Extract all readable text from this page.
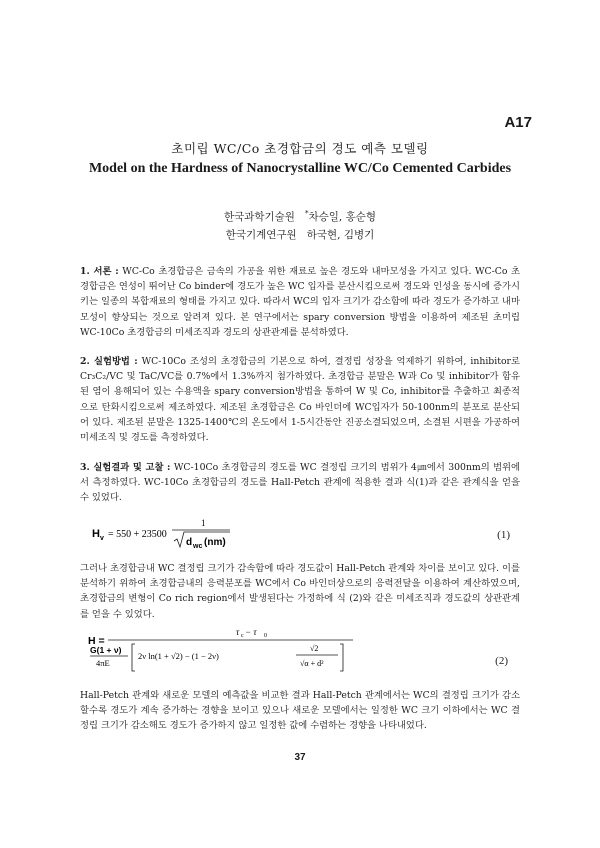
A17
초미립 WC/Co 초경합금의 경도 예측 모델링
Model on the Hardness of Nanocrystalline WC/Co Cemented Carbides
한국과학기술원 *차승일, 홍순형
한국기계연구원 하국현, 김병기
1. 서론 : WC-Co 초경합금은 금속의 가공을 위한 재료로 높은 경도와 내마모성을 가지고 있다. WC-Co 초경합금은 연성이 뛰어난 Co binder에 경도가 높은 WC 입자를 분산시킴으로써 경도와 인성을 동시에 증가시키는 일종의 복합재료의 형태를 가지고 있다. 따라서 WC의 입자 크기가 감소함에 따라 경도가 증가하고 내마모성이 향상되는 것으로 알려져 있다. 본 연구에서는 spary conversion 방법을 이용하여 제조된 초미립 WC-10Co 초경합금의 미세조직과 경도의 상관관계를 분석하였다.
2. 실험방법 : WC-10Co 조성의 초경합금의 기본으로 하여, 결정립 성장을 억제하기 위하여, inhibitor로 Cr₃C₂/VC 및 TaC/VC를 0.7%에서 1.3%까지 첨가하였다. 초경합금 분말은 W과 Co 및 inhibitor가 함유된 염이 용해되어 있는 수용액을 spary conversion방법을 통하여 W 및 Co, inhibitor를 추출하고 최종적으로 탄화시킴으로써 제조하였다. 제조된 초경합금은 Co 바인더에 WC입자가 50-100nm의 분포로 분산되어 있다. 제조된 분말은 1325-1400℃의 온도에서 1-5시간동안 진공소결되었으며, 소결된 시편을 가공하여 미세조직 및 경도를 측정하였다.
3. 실험결과 및 고찰 : WC-10Co 초경합금의 경도를 WC 결정립 크기의 범위가 4㎛에서 300nm의 범위에서 측정하였다. WC-10Co 초경합금의 경도를 Hall-Petch 관계에 적용한 결과 식(1)과 같은 관계식을 얻을 수 있었다.
H v = 550 + 23500
1
d wc (nm)
(1)
그러나 초경합금내 WC 결정립 크기가 감속함에 따라 경도값이 Hall-Petch 관계와 차이를 보이고 있다. 이를 분석하기 위하여 초경합금내의 응력분포를 WC에서 Co 바인더상으로의 응력전달을 이용하여 계산하였으며, 초경합금의 변형이 Co rich region에서 발생된다는 가정하에 식 (2)와 같은 미세조직과 경도값의 상관관계를 얻을 수 있었다.
H =
τ c − τ 0
G(1 + ν)
4πE
2ν ln(1 + √2) − (1 − 2ν)
√2
√α + d²	(2)
Hall-Petch 관계와 새로운 모델의 예측값을 비교한 결과 Hall-Petch 관계에서는 WC의 결정립 크기가 감소할수록 경도가 계속 증가하는 경향을 보이고 있으나 새로운 모델에서는 일정한 WC 크기 이하에서는 WC 결정립 크기가 감소해도 경도가 증가하지 않고 일정한 값에 수렴하는 경향을 나타내었다.
37
